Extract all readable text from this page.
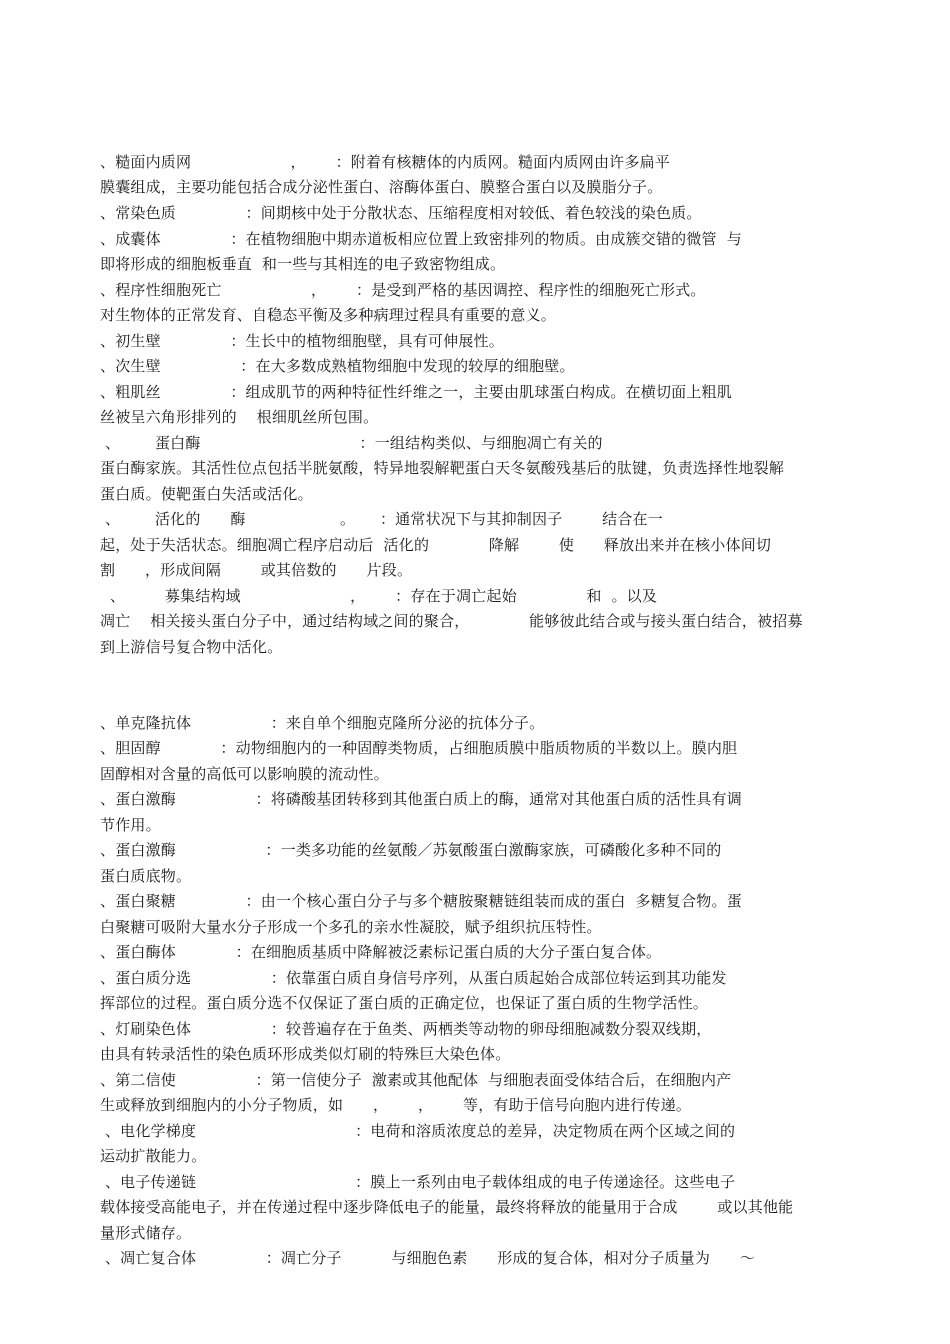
、糙面内质网                    ，      ：附着有核糖体的内质网。糙面内质网由许多扁平
膜囊组成，主要功能包括合成分泌性蛋白、溶酶体蛋白、膜整合蛋白以及膜脂分子。
、常染色质              ：间期核中处于分散状态、压缩程度相对较低、着色较浅的染色质。
、成囊体              ：在植物细胞中期赤道板相应位置上致密排列的物质。由成簇交错的微管  与
即将形成的细胞板垂直  和一些与其相连的电子致密物组成。
、程序性细胞死亡                  ，      ：是受到严格的基因调控、程序性的细胞死亡形式。
对生物体的正常发育、自稳态平衡及多种病理过程具有重要的意义。
、初生壁              ：生长中的植物细胞壁，具有可伸展性。
、次生壁                ：在大多数成熟植物细胞中发现的较厚的细胞壁。
、粗肌丝              ：组成肌节的两种特征性纤维之一，主要由肌球蛋白构成。在横切面上粗肌
丝被呈六角形排列的    根细肌丝所包围。
、       蛋白酶                                ：一组结构类似、与细胞凋亡有关的
蛋白酶家族。其活性位点包括半胱氨酸，特异地裂解靶蛋白天冬氨酸残基后的肽键，负责选择性地裂解
蛋白质。使靶蛋白失活或活化。
、       活化的      酶                   。     ：通常状况下与其抑制因子        结合在一
起，处于失活状态。细胞凋亡程序启动后  活化的            降解        使      释放出来并在核小体间切
割      ，形成间隔        或其倍数的      片段。
、        募集结构域                      ，      ：存在于凋亡起始              和  。以及
凋亡    相关接头蛋白分子中，通过结构域之间的聚合，            能够彼此结合或与接头蛋白结合，被招募
到上游信号复合物中活化。
、单克隆抗体                ：来自单个细胞克隆所分泌的抗体分子。
、胆固醇            ：动物细胞内的一种固醇类物质，占细胞质膜中脂质物质的半数以上。膜内胆
固醇相对含量的高低可以影响膜的流动性。
、蛋白激酶                ：将磷酸基团转移到其他蛋白质上的酶，通常对其他蛋白质的活性具有调
节作用。
、蛋白激酶                  ：一类多功能的丝氨酸／苏氨酸蛋白激酶家族，可磷酸化多种不同的
蛋白质底物。
、蛋白聚糖              ：由一个核心蛋白分子与多个糖胺聚糖链组装而成的蛋白  多糖复合物。蛋
白聚糖可吸附大量水分子形成一个多孔的亲水性凝胶，赋予组织抗压特性。
、蛋白酶体            ：在细胞质基质中降解被泛素标记蛋白质的大分子蛋白复合体。
、蛋白质分选                ：依靠蛋白质自身信号序列，从蛋白质起始合成部位转运到其功能发
挥部位的过程。蛋白质分选不仅保证了蛋白质的正确定位，也保证了蛋白质的生物学活性。
、灯刷染色体                ：较普遍存在于鱼类、两栖类等动物的卵母细胞减数分裂双线期，
由具有转录活性的染色质环形成类似灯刷的特殊巨大染色体。
、第二信使                ：第一信使分子  激素或其他配体  与细胞表面受体结合后，在细胞内产
生或释放到细胞内的小分子物质，如      ，      ，      等，有助于信号向胞内进行传递。
、电化学梯度                                ：电荷和溶质浓度总的差异，决定物质在两个区域之间的
运动扩散能力。
、电子传递链                                ：膜上一系列由电子载体组成的电子传递途径。这些电子
载体接受高能电子，并在传递过程中逐步降低电子的能量，最终将释放的能量用于合成        或以其他能
量形式储存。
、凋亡复合体              ：凋亡分子          与细胞色素      形成的复合体，相对分子质量为      ～
